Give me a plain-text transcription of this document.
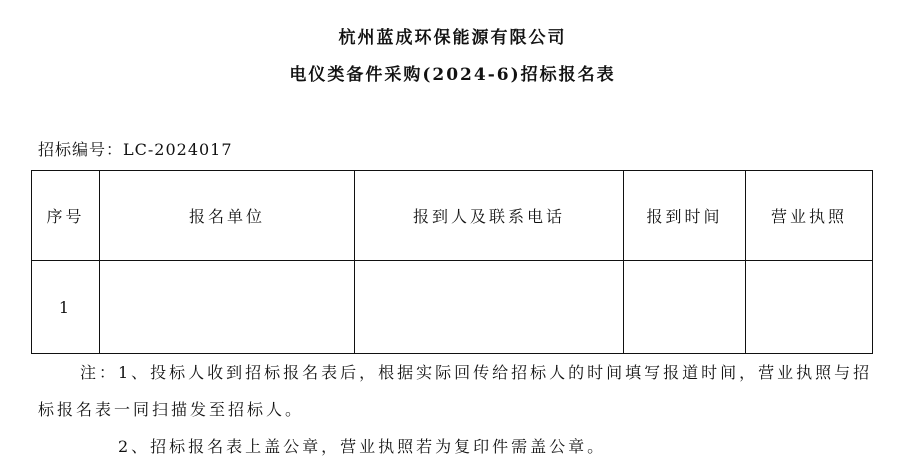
杭州蓝成环保能源有限公司
电仪类备件采购(2024-6)招标报名表
招标编号：LC-2024017
序号	报名单位	报到人及联系电话	报到时间	营业执照
1				
注：1、投标人收到招标报名表后，根据实际回传给招标人的时间填写报道时间，营业执照与招
标报名表一同扫描发至招标人。
2、招标报名表上盖公章，营业执照若为复印件需盖公章。
